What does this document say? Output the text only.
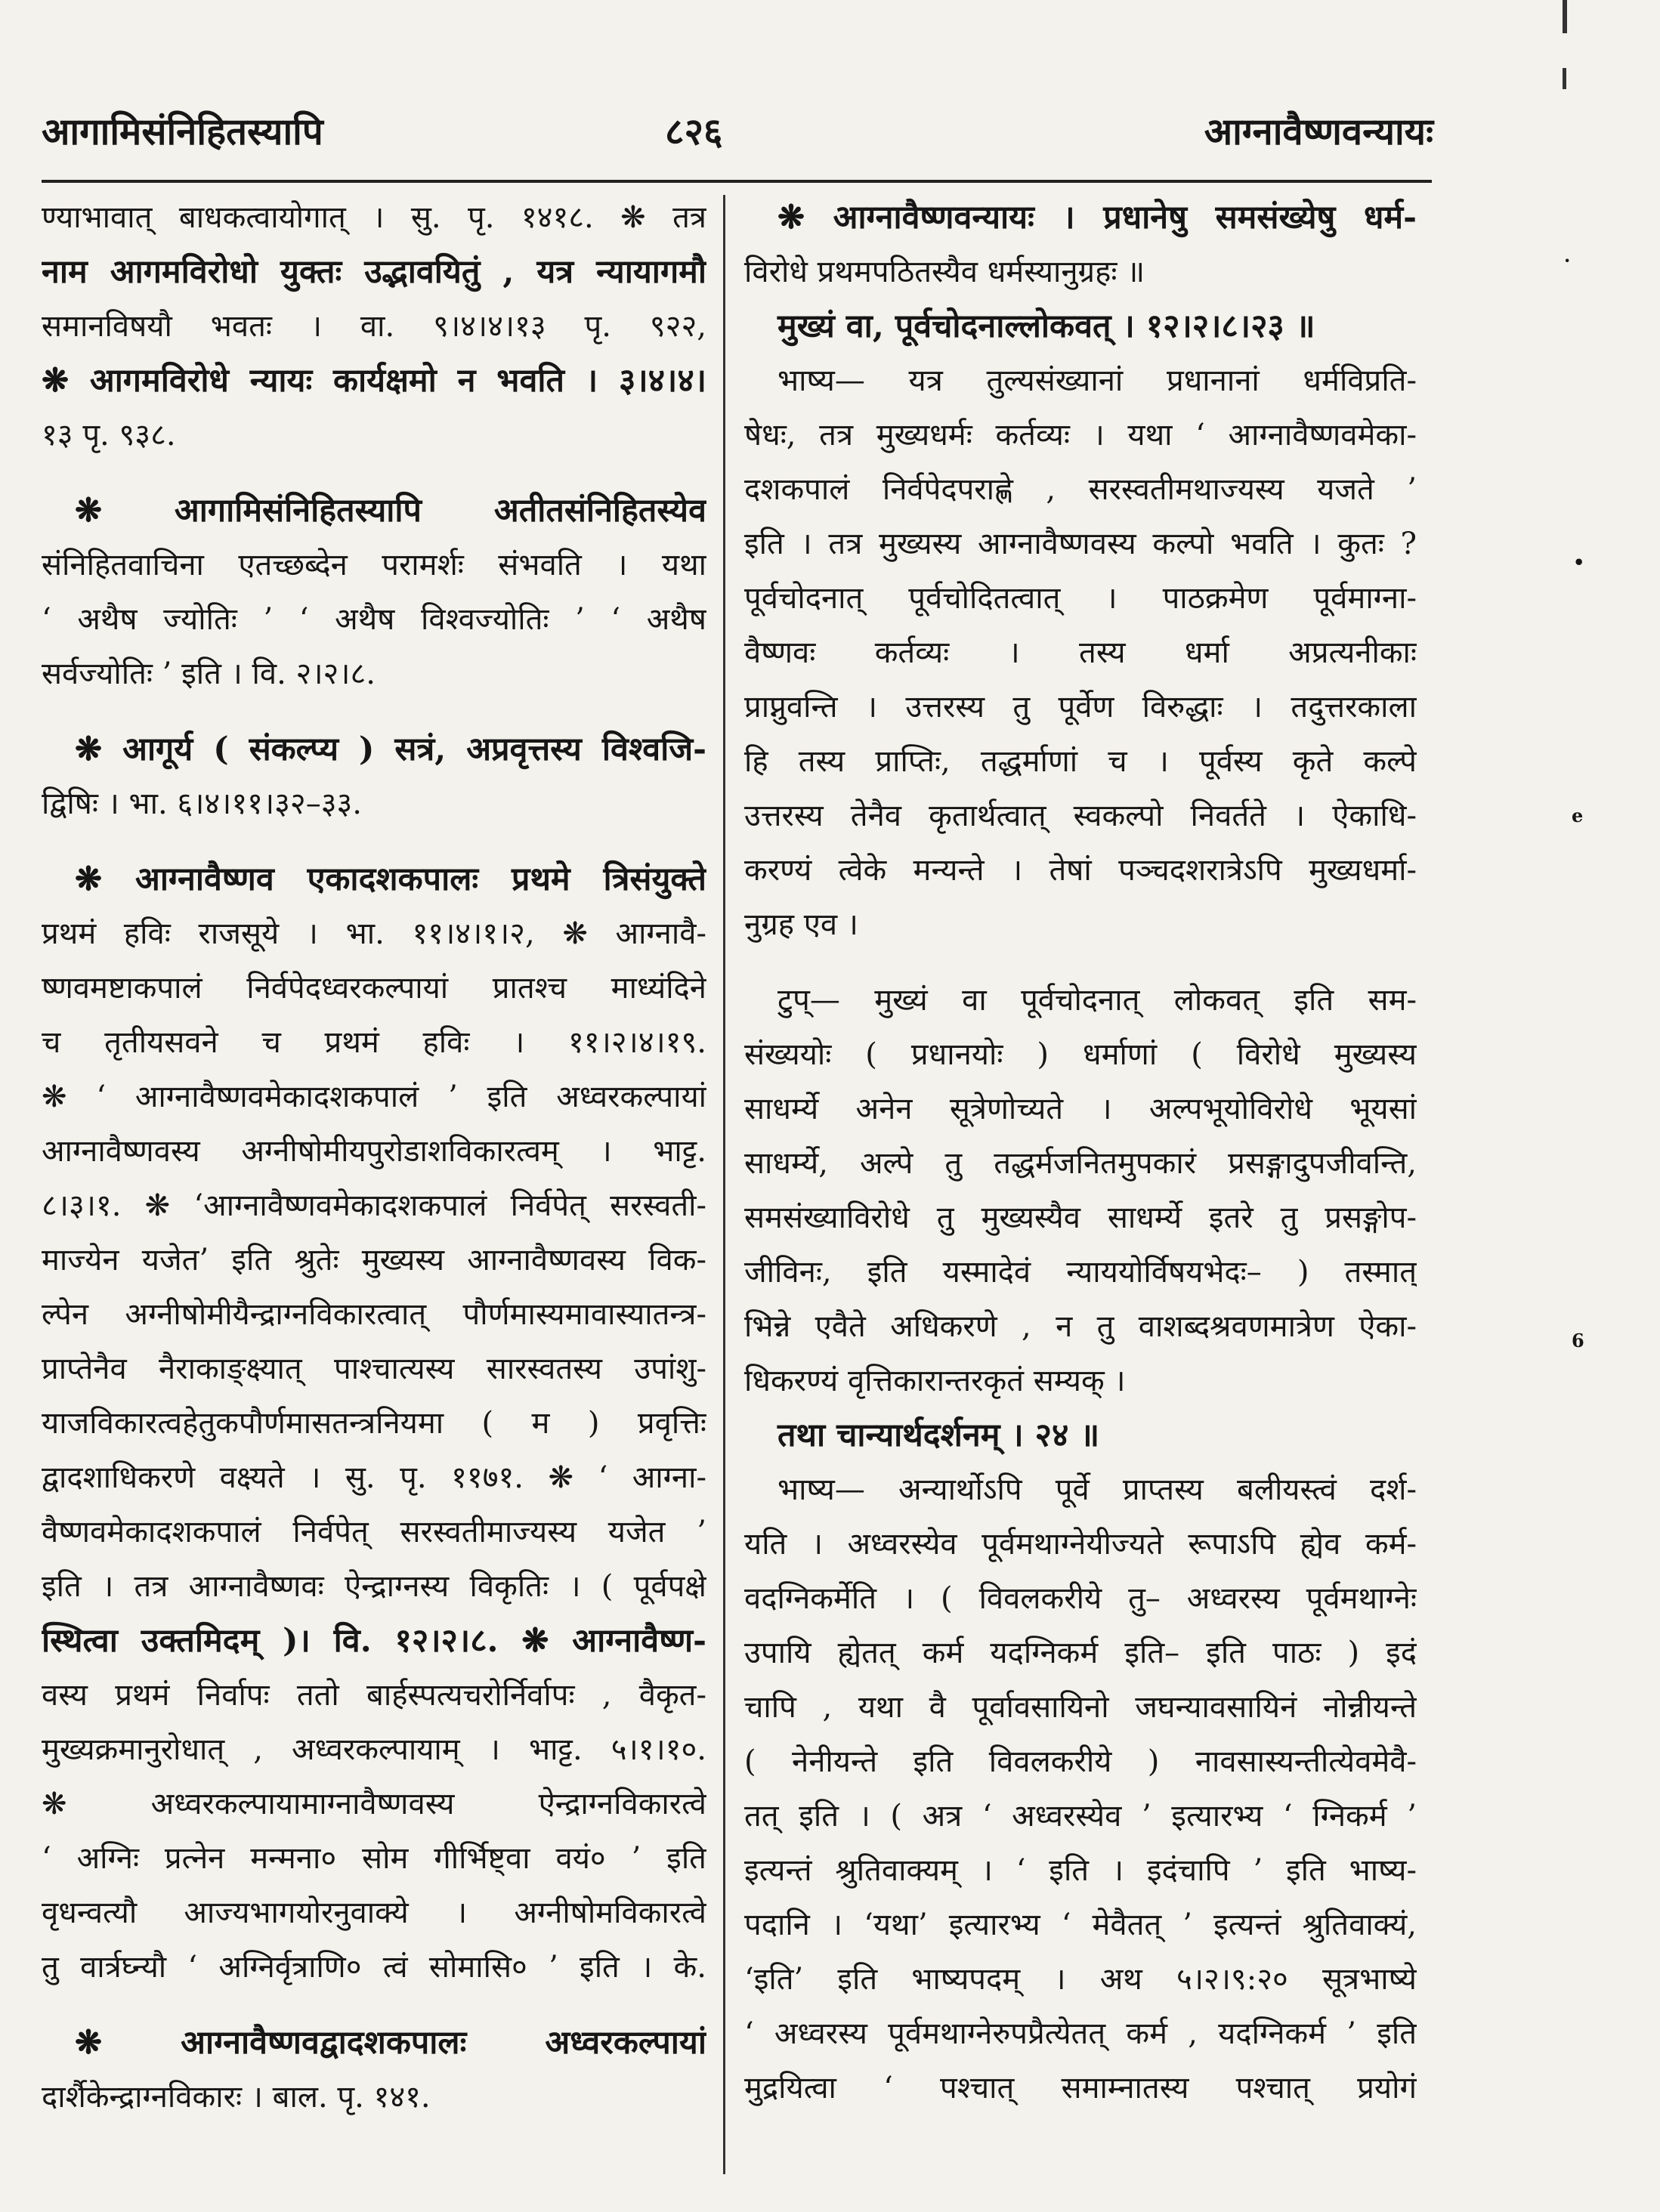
आगामिसंनिहितस्यापि	८२६	आग्नावैष्णवन्यायः
·
•
e
6
ण्याभावात् बाधकत्वायोगात् । सु. पृ. १४१८. ❋ तत्र
नाम आगमविरोधो युक्तः उद्भावयितुं , यत्र न्यायागमौ
समानविषयौ भवतः । वा. ९।४।४।१३ पृ. ९२२,
❋ आगमविरोधे न्यायः कार्यक्षमो न भवति । ३।४।४।
१३ पृ. ९३८.
❋ आगामिसंनिहितस्यापि अतीतसंनिहितस्येव
संनिहितवाचिना एतच्छब्देन परामर्शः संभवति । यथा
‘ अथैष ज्योतिः ’ ‘ अथैष विश्वज्योतिः ’ ‘ अथैष
सर्वज्योतिः ’ इति । वि. २।२।८.
❋ आगूर्य ( संकल्प्य ) सत्रं, अप्रवृत्तस्य विश्वजि-
द्विषिः । भा. ६।४।११।३२–३३.
❋ आग्नावैष्णव एकादशकपालः प्रथमे त्रिसंयुक्ते
प्रथमं हविः राजसूये । भा. ११।४।१।२, ❋ आग्नावै-
ष्णवमष्टाकपालं निर्वपेदध्वरकल्पायां प्रातश्च माध्यंदिने
च तृतीयसवने च प्रथमं हविः । ११।२।४।१९.
❋ ‘ आग्नावैष्णवमेकादशकपालं ’ इति अध्वरकल्पायां
आग्नावैष्णवस्य अग्नीषोमीयपुरोडाशविकारत्वम् । भाट्ट.
८।३।१. ❋ ‘आग्नावैष्णवमेकादशकपालं निर्वपेत् सरस्वती-
माज्येन यजेत’ इति श्रुतेः मुख्यस्य आग्नावैष्णवस्य विक-
ल्पेन अग्नीषोमीयैन्द्राग्नविकारत्वात् पौर्णमास्यमावास्यातन्त्र-
प्राप्तेनैव नैराकाङ्क्ष्यात् पाश्चात्यस्य सारस्वतस्य उपांशु-
याजविकारत्वहेतुकपौर्णमासतन्त्रनियमा ( म ) प्रवृत्तिः
द्वादशाधिकरणे वक्ष्यते । सु. पृ. ११७१. ❋ ‘ आग्ना-
वैष्णवमेकादशकपालं निर्वपेत् सरस्वतीमाज्यस्य यजेत ’
इति । तत्र आग्नावैष्णवः ऐन्द्राग्नस्य विकृतिः । ( पूर्वपक्षे
स्थित्वा उक्तमिदम् )। वि. १२।२।८. ❋ आग्नावैष्ण-
वस्य प्रथमं निर्वापः ततो बार्हस्पत्यचरोर्निर्वापः , वैकृत-
मुख्यक्रमानुरोधात् , अध्वरकल्पायाम् । भाट्ट. ५।१।१०.
❋ अध्वरकल्पायामाग्नावैष्णवस्य ऐन्द्राग्नविकारत्वे
‘ अग्निः प्रत्नेन मन्मना० सोम गीर्भिष्ट्वा वयं० ’ इति
वृधन्वत्यौ आज्यभागयोरनुवाक्ये । अग्नीषोमविकारत्वे
तु वार्त्रघ्न्यौ ‘ अग्निर्वृत्राणि० त्वं सोमासि० ’ इति । के.
❋ आग्नावैष्णवद्वादशकपालः अध्वरकल्पायां
दार्शैकेन्द्राग्नविकारः । बाल. पृ. १४१.
❋ आग्नावैष्णवन्यायः । प्रधानेषु समसंख्येषु धर्म-
विरोधे प्रथमपठितस्यैव धर्मस्यानुग्रहः ॥
मुख्यं वा, पूर्वचोदनाल्लोकवत् । १२।२।८।२३ ॥
भाष्य— यत्र तुल्यसंख्यानां प्रधानानां धर्मविप्रति-
षेधः, तत्र मुख्यधर्मः कर्तव्यः । यथा ‘ आग्नावैष्णवमेका-
दशकपालं निर्वपेदपराह्णे , सरस्वतीमथाज्यस्य यजते ’
इति । तत्र मुख्यस्य आग्नावैष्णवस्य कल्पो भवति । कुतः ?
पूर्वचोदनात् पूर्वचोदितत्वात् । पाठक्रमेण पूर्वमाग्ना-
वैष्णवः कर्तव्यः । तस्य धर्मा अप्रत्यनीकाः
प्राप्नुवन्ति । उत्तरस्य तु पूर्वेण विरुद्धाः । तदुत्तरकाला
हि तस्य प्राप्तिः, तद्धर्माणां च । पूर्वस्य कृते कल्पे
उत्तरस्य तेनैव कृतार्थत्वात् स्वकल्पो निवर्तते । ऐकाधि-
करण्यं त्वेके मन्यन्ते । तेषां पञ्चदशरात्रेऽपि मुख्यधर्मा-
नुग्रह एव ।
टुप्— मुख्यं वा पूर्वचोदनात् लोकवत् इति सम-
संख्ययोः ( प्रधानयोः ) धर्माणां ( विरोधे मुख्यस्य
साधर्म्ये अनेन सूत्रेणोच्यते । अल्पभूयोविरोधे भूयसां
साधर्म्ये, अल्पे तु तद्धर्मजनितमुपकारं प्रसङ्गादुपजीवन्ति,
समसंख्याविरोधे तु मुख्यस्यैव साधर्म्ये इतरे तु प्रसङ्गोप-
जीविनः, इति यस्मादेवं न्याययोर्विषयभेदः– ) तस्मात्
भिन्ने एवैते अधिकरणे , न तु वाशब्दश्रवणमात्रेण ऐका-
धिकरण्यं वृत्तिकारान्तरकृतं सम्यक् ।
तथा चान्यार्थदर्शनम् । २४ ॥
भाष्य— अन्यार्थोऽपि पूर्वे प्राप्तस्य बलीयस्त्वं दर्श-
यति । अध्वरस्येव पूर्वमथाग्नेयीज्यते रूपाऽपि ह्येव कर्म-
वदग्निकर्मेति । ( विवलकरीये तु– अध्वरस्य पूर्वमथाग्नेः
उपायि ह्येतत् कर्म यदग्निकर्म इति– इति पाठः ) इदं
चापि , यथा वै पूर्वावसायिनो जघन्यावसायिनं नोन्नीयन्ते
( नेनीयन्ते इति विवलकरीये ) नावसास्यन्तीत्येवमेवै-
तत् इति । ( अत्र ‘ अध्वरस्येव ’ इत्यारभ्य ‘ ग्निकर्म ’
इत्यन्तं श्रुतिवाक्यम् । ‘ इति । इदंचापि ’ इति भाष्य-
पदानि । ‘यथा’ इत्यारभ्य ‘ मेवैतत् ’ इत्यन्तं श्रुतिवाक्यं,
‘इति’ इति भाष्यपदम् । अथ ५।२।९:२० सूत्रभाष्ये
‘ अध्वरस्य पूर्वमथाग्नेरुपप्रैत्येतत् कर्म , यदग्निकर्म ’ इति
मुद्रयित्वा ‘ पश्चात् समाम्नातस्य पश्चात् प्रयोगं
